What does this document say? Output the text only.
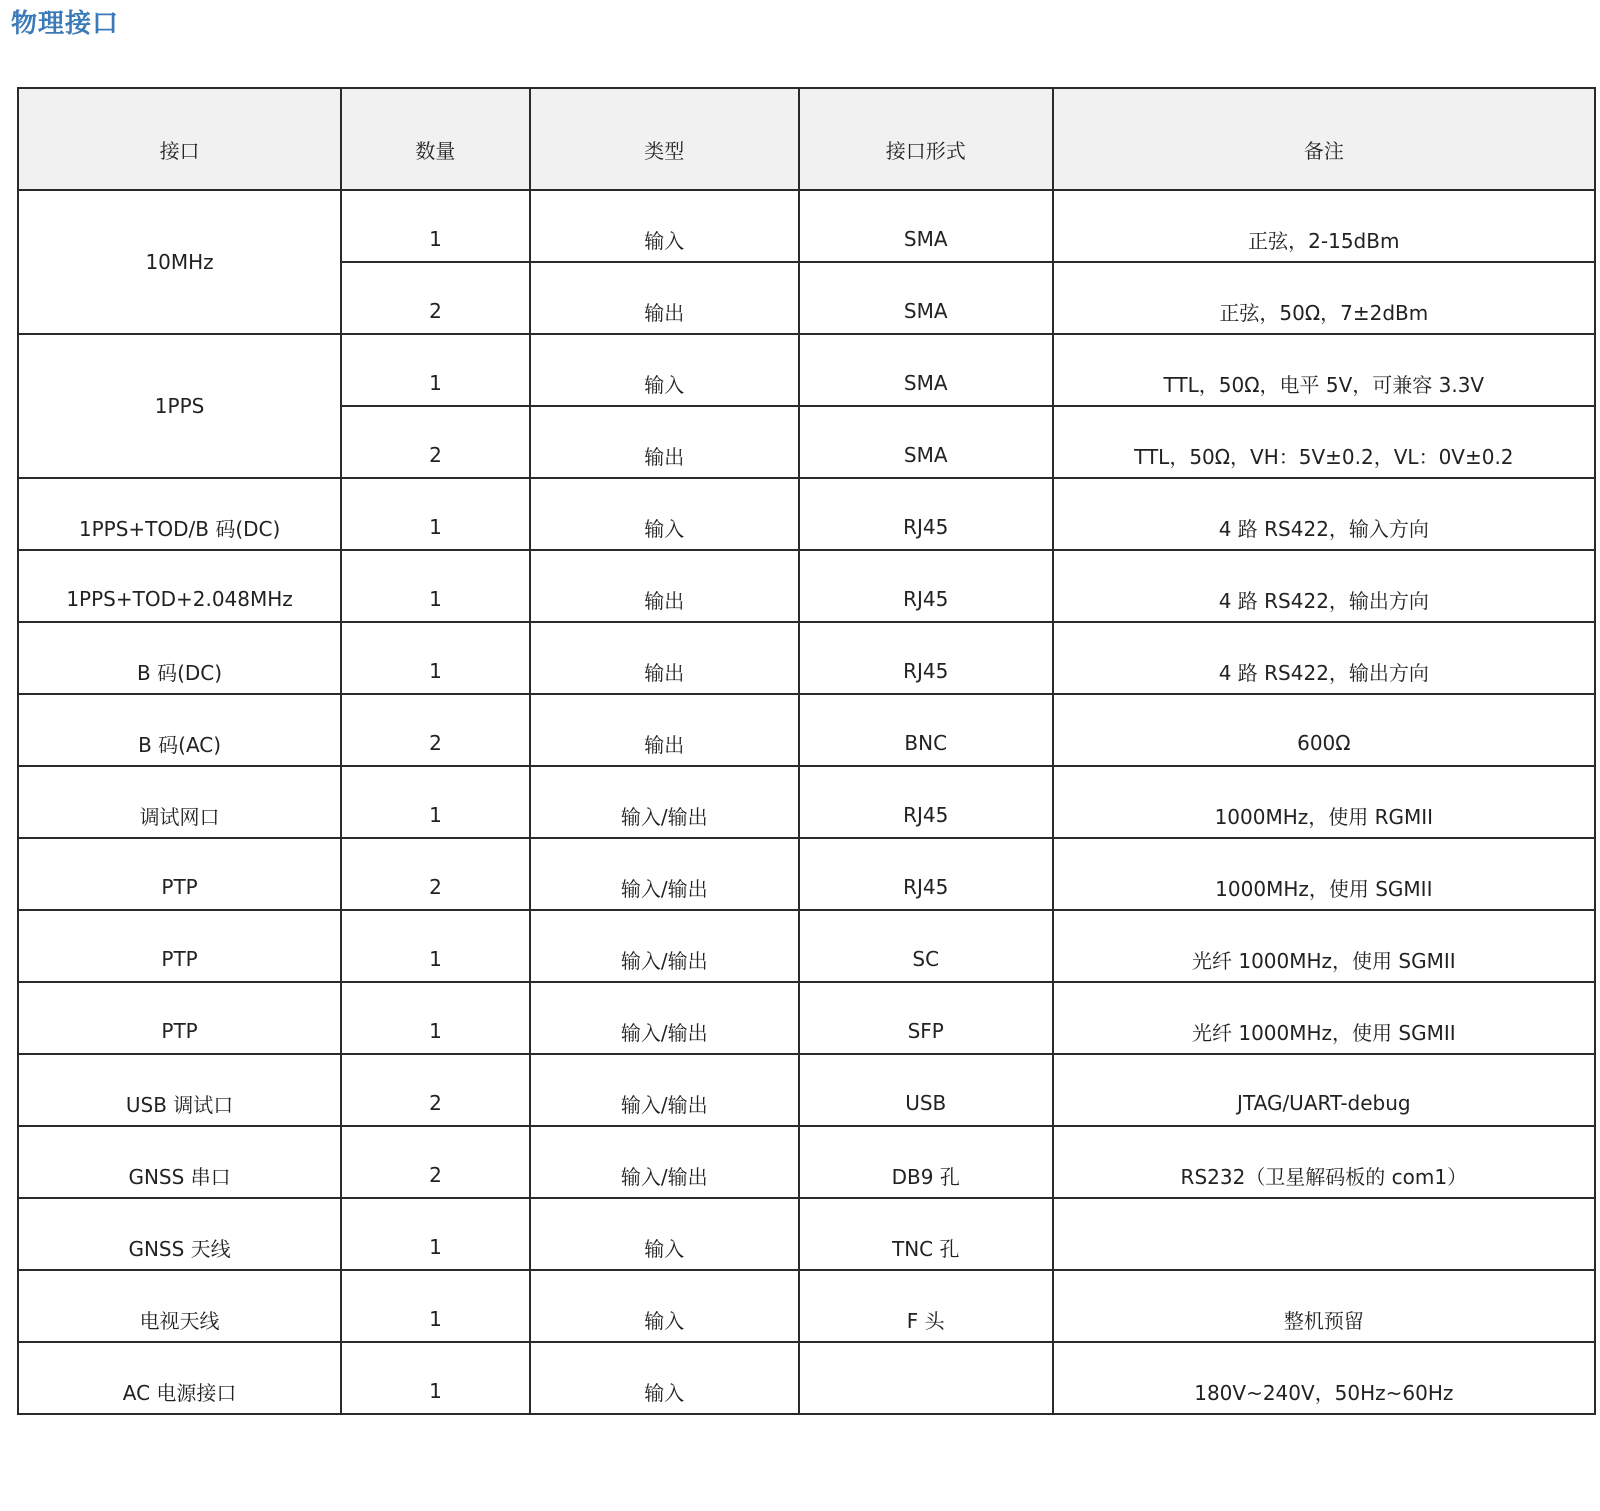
物理接口
接口	数量	类型	接口形式	备注
10MHz	1	输入	SMA	正弦，2-15dBm
	2	输出	SMA	正弦，50Ω，7±2dBm
1PPS	1	输入	SMA	TTL，50Ω，电平 5V，可兼容 3.3V
	2	输出	SMA	TTL，50Ω，VH：5V±0.2，VL：0V±0.2
1PPS+TOD/B 码(DC)	1	输入	RJ45	4 路 RS422，输入方向
1PPS+TOD+2.048MHz	1	输出	RJ45	4 路 RS422，输出方向
B 码(DC)	1	输出	RJ45	4 路 RS422，输出方向
B 码(AC)	2	输出	BNC	600Ω
调试网口	1	输入/输出	RJ45	1000MHz，使用 RGMII
PTP	2	输入/输出	RJ45	1000MHz，使用 SGMII
PTP	1	输入/输出	SC	光纤 1000MHz，使用 SGMII
PTP	1	输入/输出	SFP	光纤 1000MHz，使用 SGMII
USB 调试口	2	输入/输出	USB	JTAG/UART-debug
GNSS 串口	2	输入/输出	DB9 孔	RS232（卫星解码板的 com1）
GNSS 天线	1	输入	TNC 孔	
电视天线	1	输入	F 头	整机预留
AC 电源接口	1	输入		180V~240V，50Hz~60Hz
